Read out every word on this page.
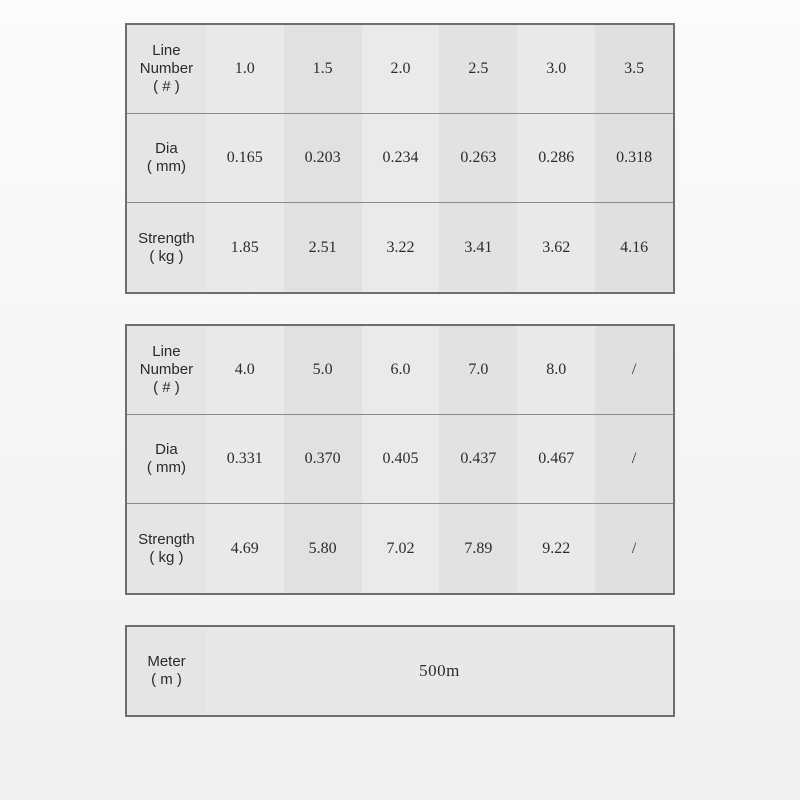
Line
Number
( # )
1.0	1.5	2.0	2.5	3.0	3.5
Dia
( mm)
0.165	0.203	0.234	0.263	0.286	0.318
Strength
( kg )
1.85	2.51	3.22	3.41	3.62	4.16
Line
Number
( # )
4.0	5.0	6.0	7.0	8.0	/
Dia
( mm)
0.331	0.370	0.405	0.437	0.467	/
Strength
( kg )
4.69	5.80	7.02	7.89	9.22	/
Meter
( m )	500m
